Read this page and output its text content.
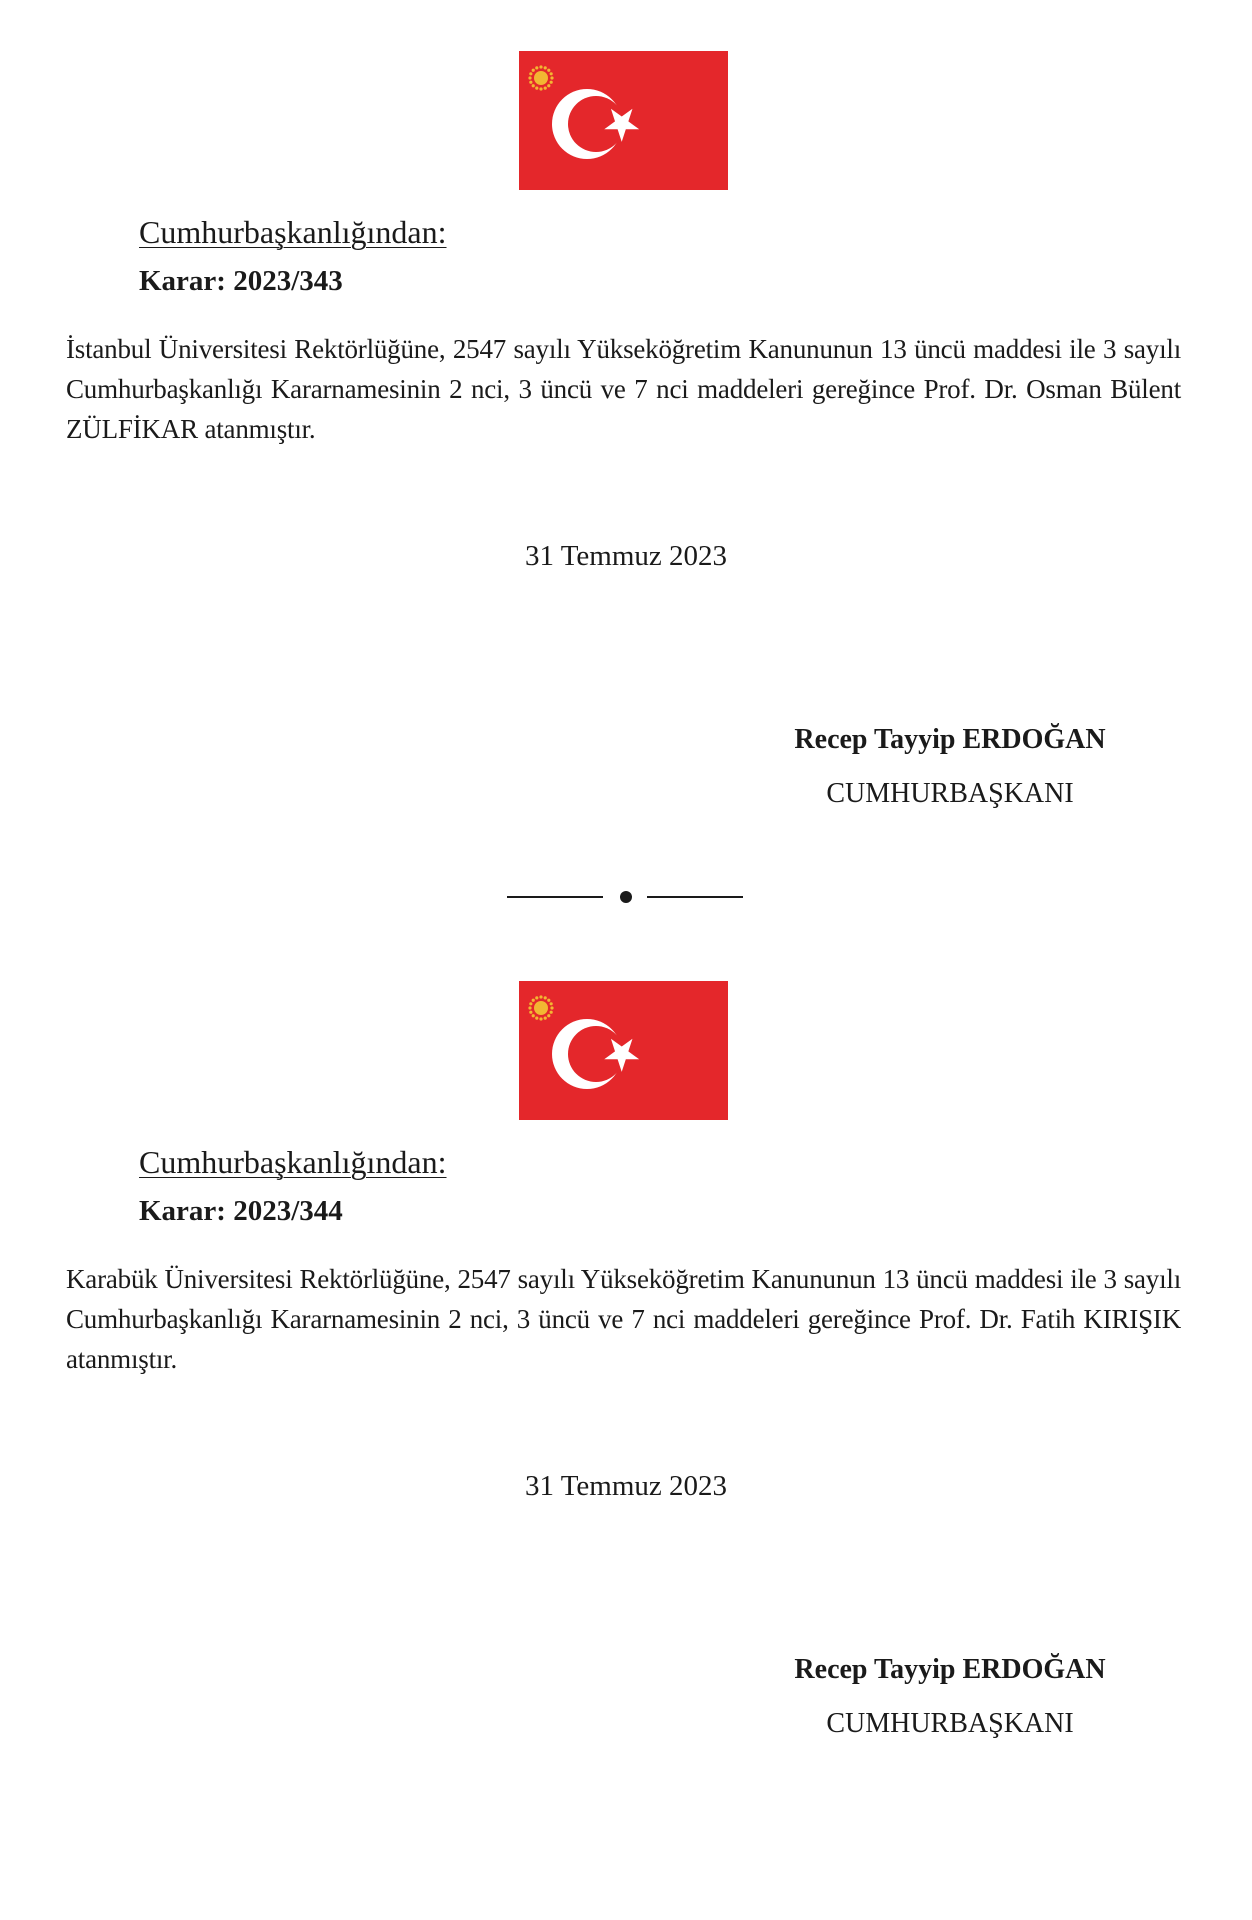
Cumhurbaşkanlığından:
Karar: 2023/343
İstanbul Üniversitesi Rektörlüğüne, 2547 sayılı Yükseköğretim Kanununun 13 üncü maddesi ile 3 sayılı Cumhurbaşkanlığı Kararnamesinin 2 nci, 3 üncü ve 7 nci maddeleri gereğince Prof. Dr. Osman Bülent ZÜLFİKAR atanmıştır.
31 Temmuz 2023
Recep Tayyip ERDOĞAN
CUMHURBAŞKANI
Cumhurbaşkanlığından:
Karar: 2023/344
Karabük Üniversitesi Rektörlüğüne, 2547 sayılı Yükseköğretim Kanununun 13 üncü maddesi ile 3 sayılı Cumhurbaşkanlığı Kararnamesinin 2 nci, 3 üncü ve 7 nci maddeleri gereğince Prof. Dr. Fatih KIRIŞIK atanmıştır.
31 Temmuz 2023
Recep Tayyip ERDOĞAN
CUMHURBAŞKANI
